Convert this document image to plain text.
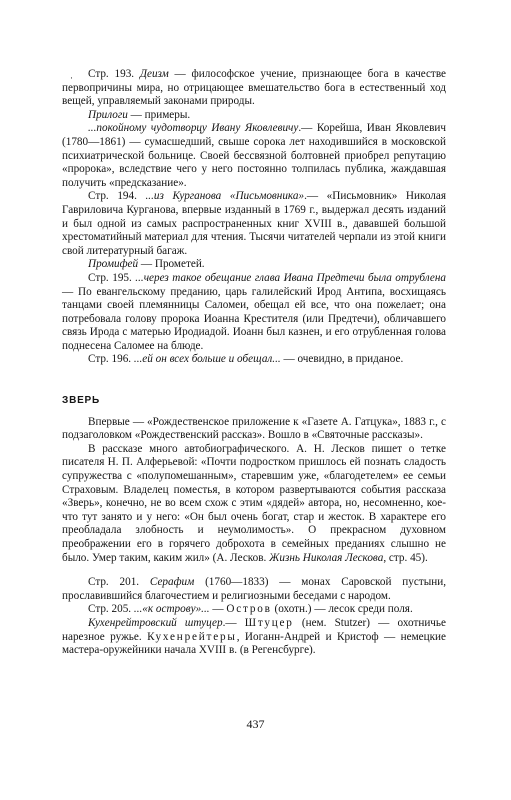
·	Стр. 193. Деизм — философское учение, признающее бога в качестве первопричины мира, но отрицающее вмешательство бога в естественный ход вещей, управляемый законами природы.

Прилоги — примеры.

...покойному чудотворцу Ивану Яковлевичу.— Корейша, Иван Яковлевич (1780—1861) — сумасшедший, свыше сорока лет находившийся в московской психиатрической больнице. Своей бессвязной болтовней приобрел репутацию «пророка», вследствие чего у него постоянно толпилась публика, жаждавшая получить «предсказание».

Стр. 194. ...из Курганова «Письмовника».— «Письмовник» Николая Гавриловича Курганова, впервые изданный в 1769 г., выдержал десять изданий и был одной из самых распространенных книг XVIII в., дававшей большой хрестоматийный материал для чтения. Тысячи читателей черпали из этой книги свой литературный багаж.

Промифей — Прометей.

Стр. 195. ...через такое обещание глава Ивана Предтечи была отрублена — По евангельскому преданию, царь галилейский Ирод Антипа, восхищаясь танцами своей племянницы Саломеи, обещал ей все, что она пожелает; она потребовала голову пророка Иоанна Крестителя (или Предтечи), обличавшего связь Ирода с матерью Иродиадой. Иоанн был казнен, и его отрубленная голова поднесена Саломее на блюде.

Стр. 196. ...ей он всех больше и обещал... — очевидно, в приданое.

ЗВЕРЬ

Впервые — «Рождественское приложение к «Газете А. Гатцука», 1883 г., с подзаголовком «Рождественский рассказ». Вошло в «Святочные рассказы».

В рассказе много автобиографического. А. Н. Лесков пишет о тетке писателя Н. П. Алферьевой: «Почти подростком пришлось ей познать сладость супружества с «полупомешанным», старевшим уже, «благодетелем» ее семьи Страховым. Владелец поместья, в котором развертываются события рассказа «Зверь», конечно, не во всем схож с этим «дядей» автора, но, несомненно, кое-что тут занято и у него: «Он был очень богат, стар и жесток. В характере его преобладала злобность и неумолимость». О прекрасном духовном преображении его в горячего доброхота в семейных преданиях слышно не было. Умер таким, каким жил» (А. Лесков. Жизнь Николая Лескова, стр. 45).

Стр. 201. Серафим (1760—1833) — монах Саровской пустыни, прославившийся благочестием и религиозными беседами с народом.

Стр. 205. ...«к острову»... — Остров (охотн.) — лесок среди поля.

Кухенрейтровский штуцер.— Штуцер (нем. Stutzer) — охотничье нарезное ружье. Кухенрейтеры, Иоганн-Андрей и Кристоф — немецкие мастера-оружейники начала XVIII в. (в Регенсбурге).

437
